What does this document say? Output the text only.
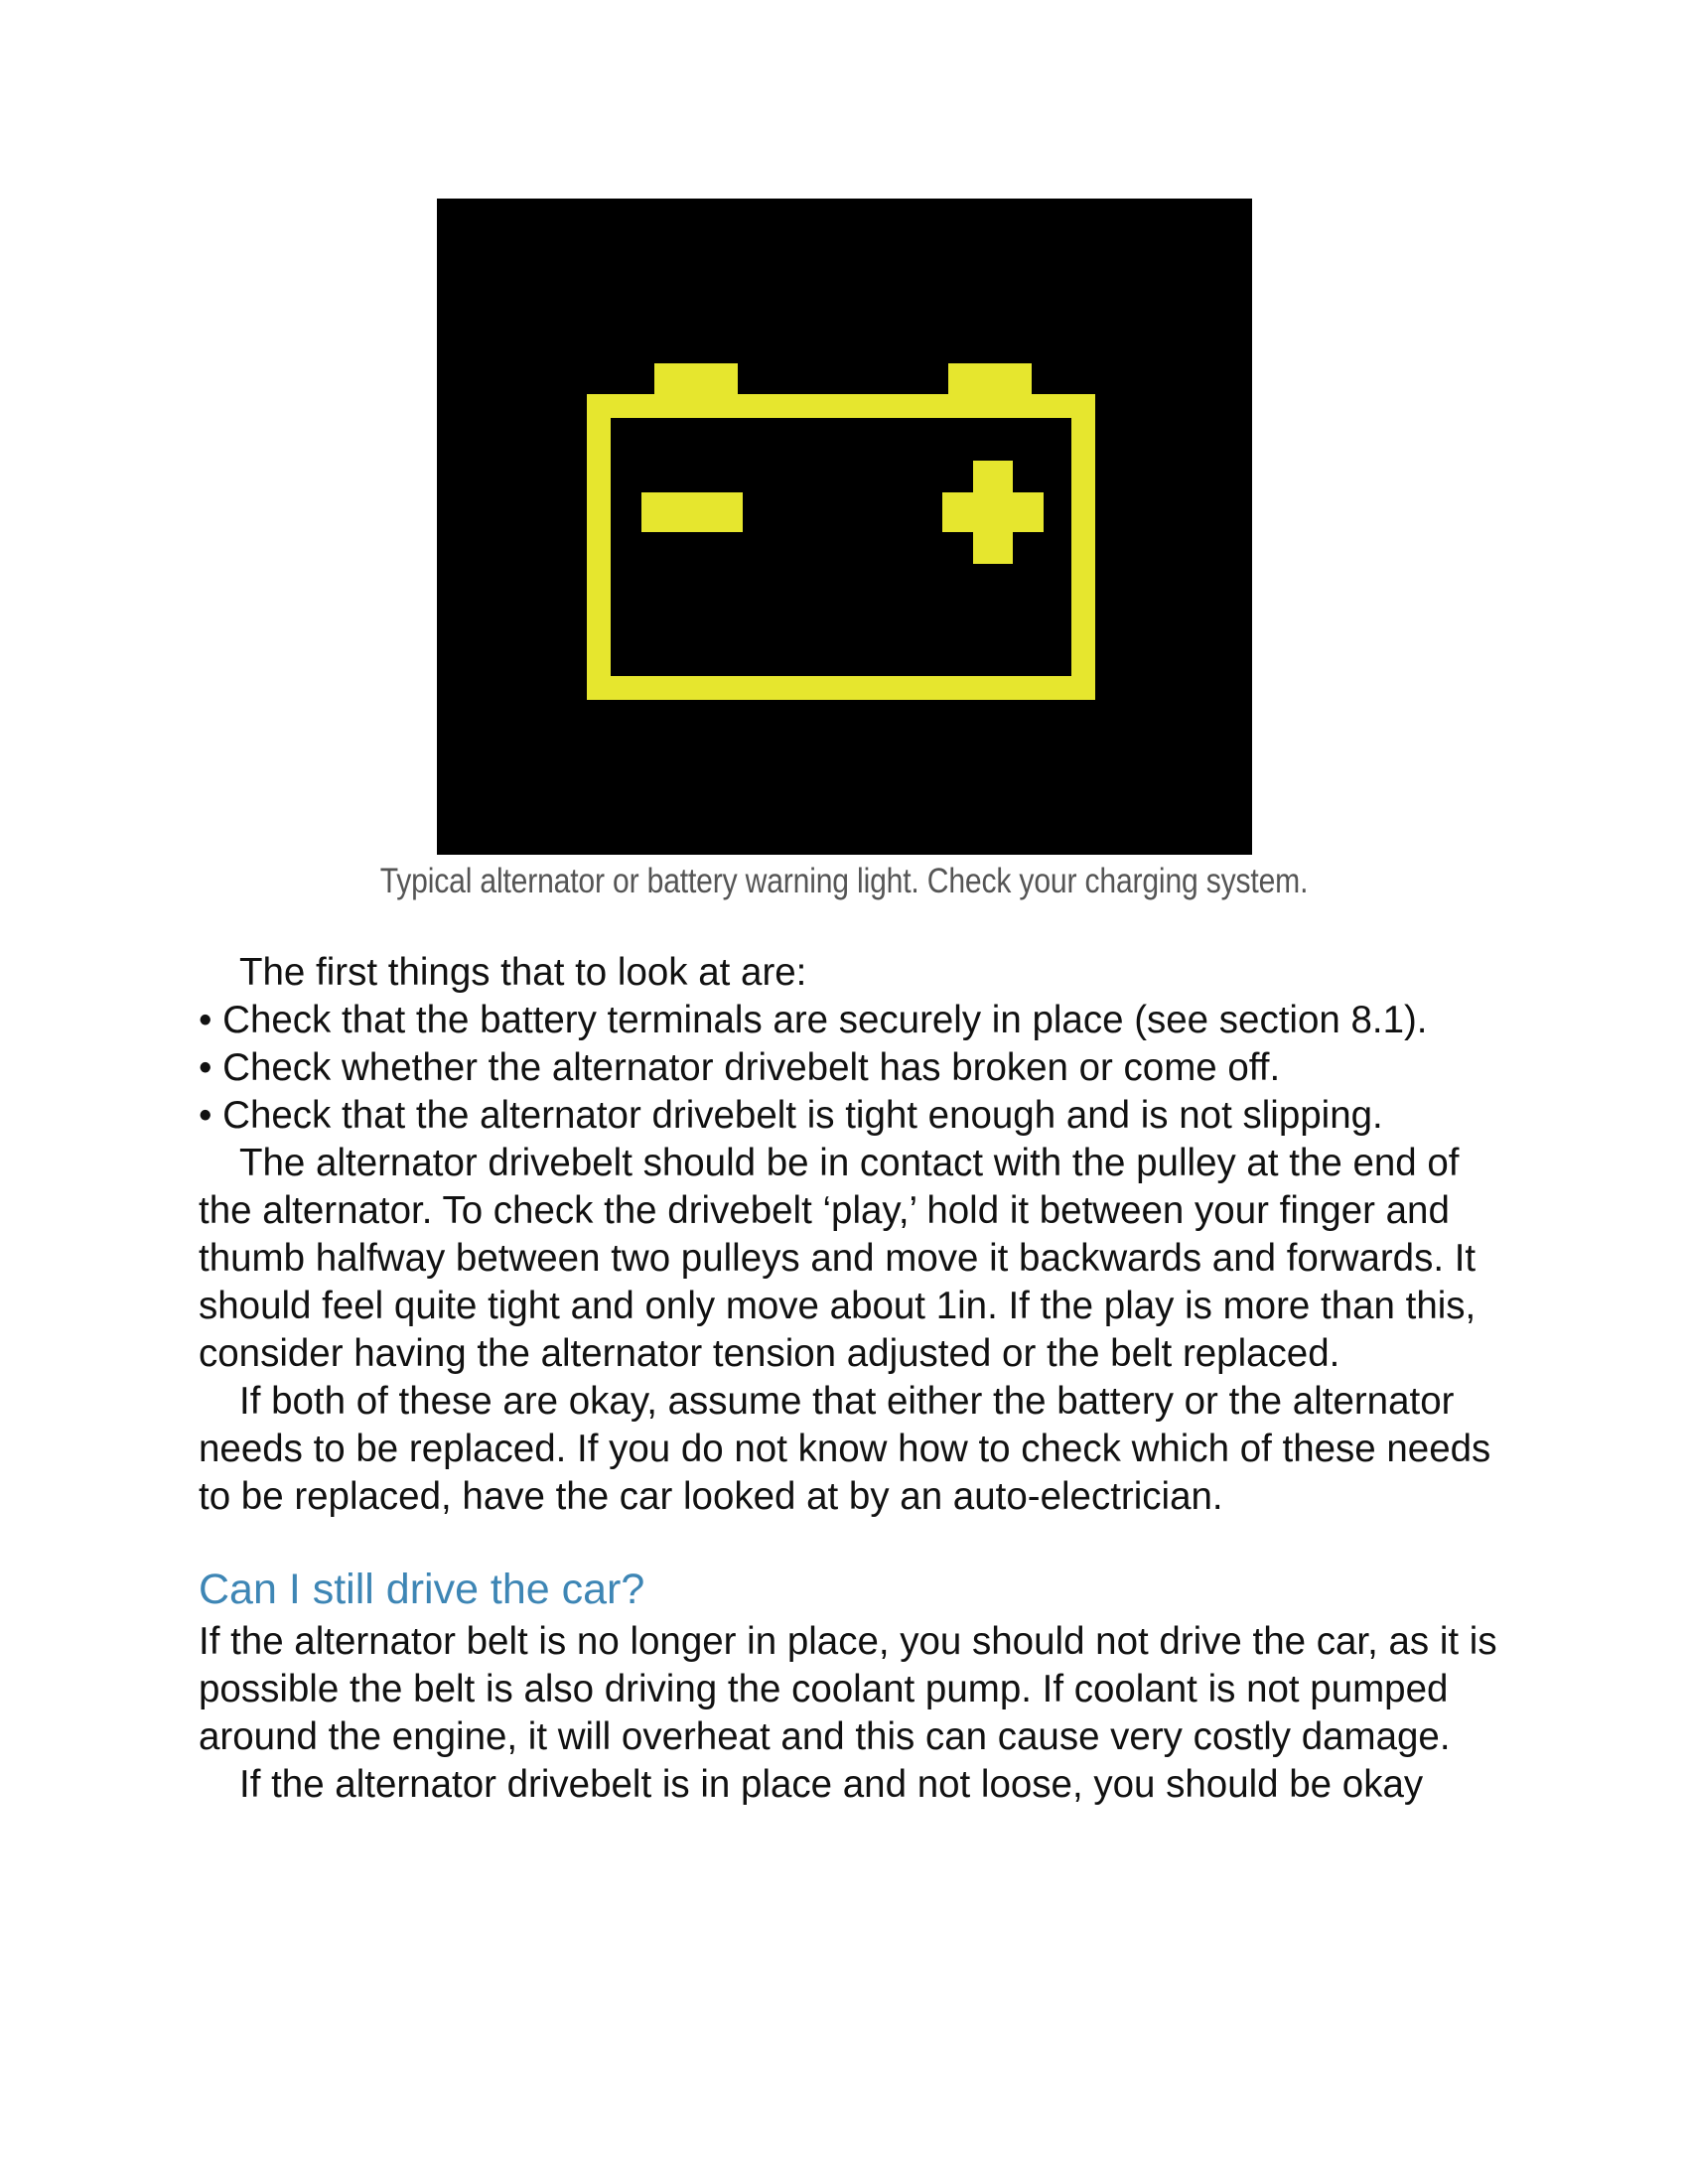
Typical alternator or battery warning light. Check your charging system.

The first things that to look at are:

• Check that the battery terminals are securely in place (see section 8.1).
• Check whether the alternator drivebelt has broken or come off.
• Check that the alternator drivebelt is tight enough and is not slipping.

The alternator drivebelt should be in contact with the pulley at the end of the alternator. To check the drivebelt ‘play,’ hold it between your finger and thumb halfway between two pulleys and move it backwards and forwards. It should feel quite tight and only move about 1in. If the play is more than this, consider having the alternator tension adjusted or the belt replaced.

If both of these are okay, assume that either the battery or the alternator needs to be replaced. If you do not know how to check which of these needs to be replaced, have the car looked at by an auto-electrician.

Can I still drive the car?

If the alternator belt is no longer in place, you should not drive the car, as it is possible the belt is also driving the coolant pump. If coolant is not pumped around the engine, it will overheat and this can cause very costly damage.

If the alternator drivebelt is in place and not loose, you should be okay
